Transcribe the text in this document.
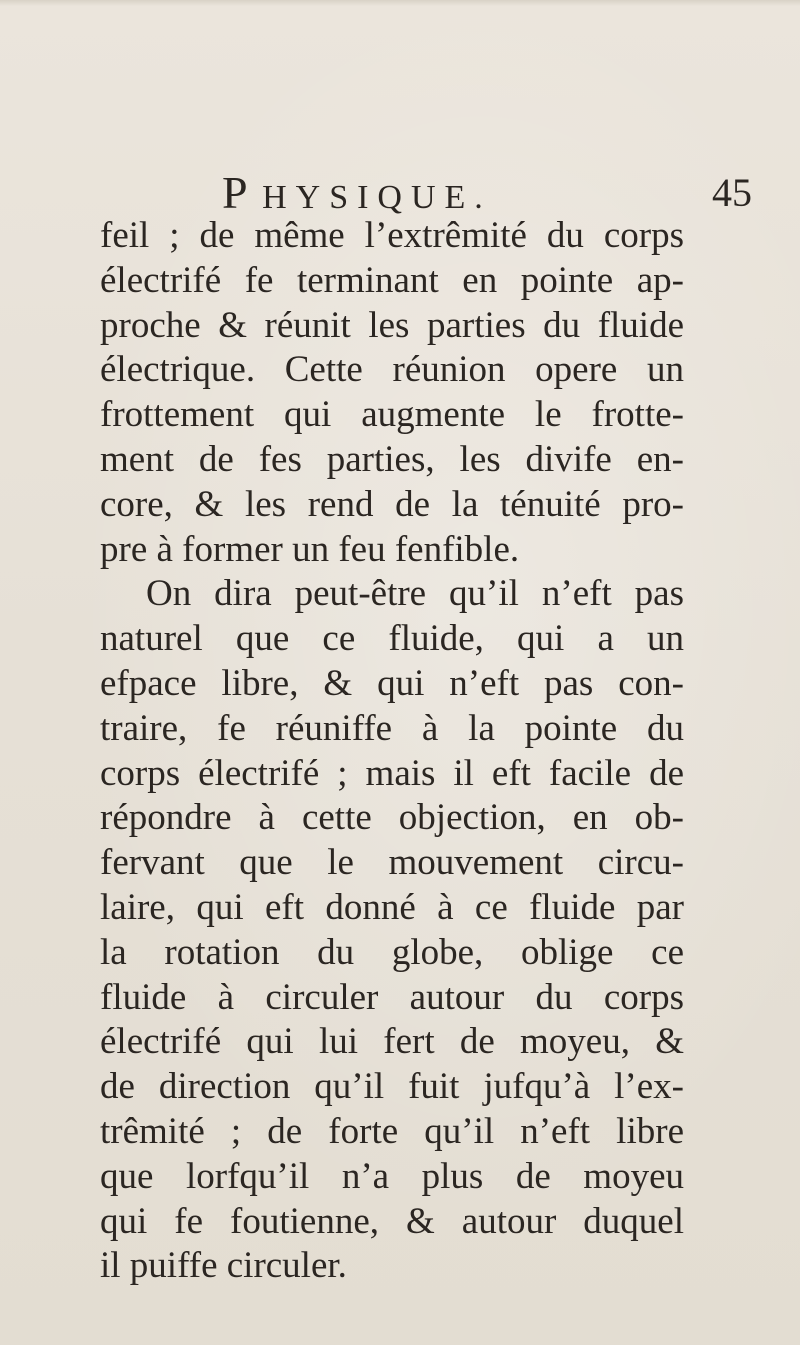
P HYSIQUE.	45
feil ; de même l’extrêmité du corps
électrifé fe terminant en pointe ap-
proche & réunit les parties du fluide
électrique. Cette réunion opere un
frottement qui augmente le frotte-
ment de fes parties, les divife en-
core, & les rend de la ténuité pro-
pre à former un feu fenfible.
On dira peut-être qu’il n’eft pas
naturel que ce fluide, qui a un
efpace libre, & qui n’eft pas con-
traire, fe réuniffe à la pointe du
corps électrifé ; mais il eft facile de
répondre à cette objection, en ob-
fervant que le mouvement circu-
laire, qui eft donné à ce fluide par
la rotation du globe, oblige ce
fluide à circuler autour du corps
électrifé qui lui fert de moyeu, &
de direction qu’il fuit jufqu’à l’ex-
trêmité ; de forte qu’il n’eft libre
que lorfqu’il n’a plus de moyeu
qui fe foutienne, & autour duquel
il puiffe circuler.
